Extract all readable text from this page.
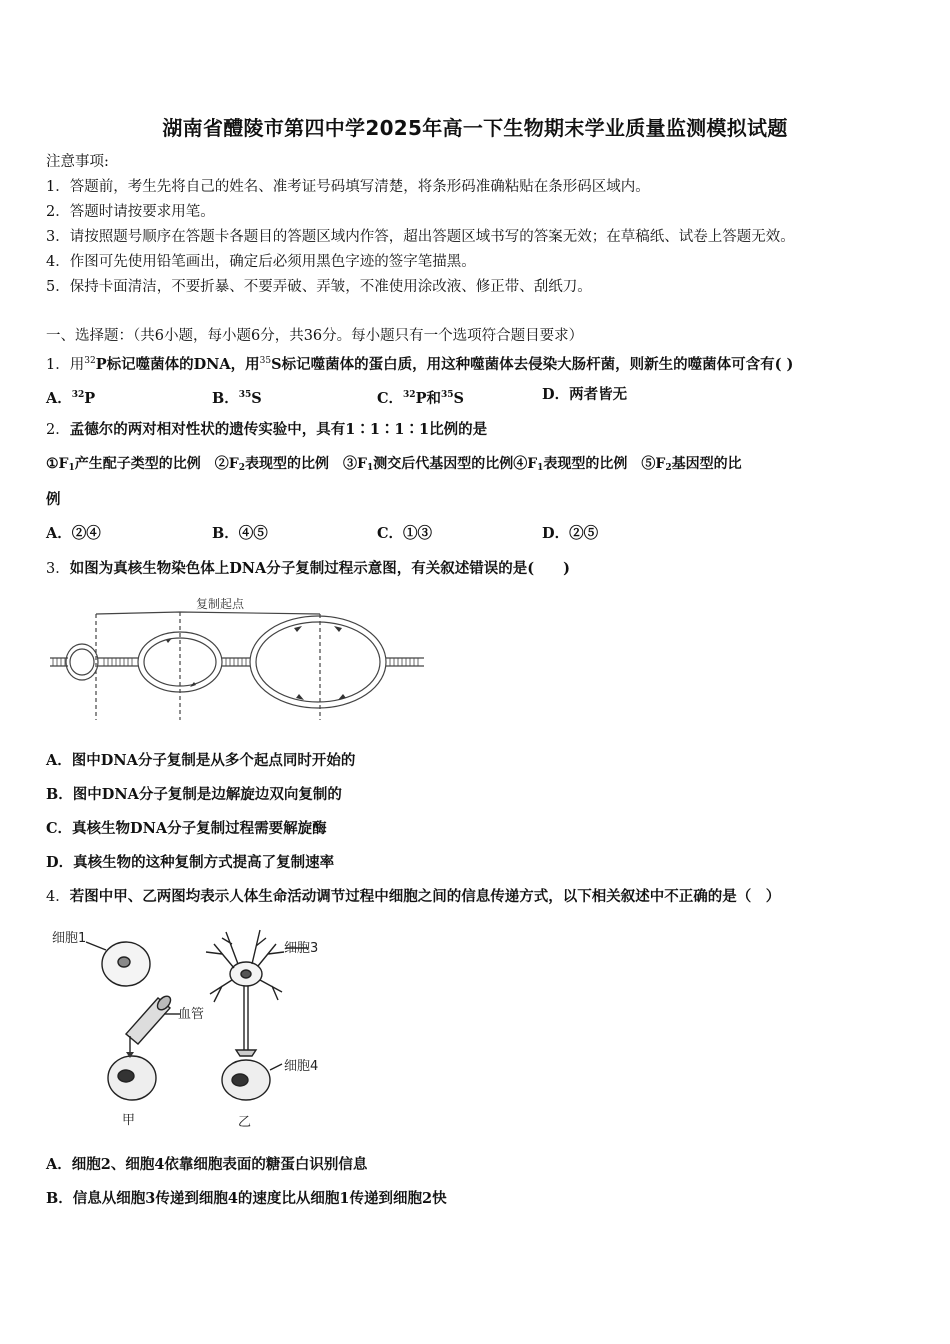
湖南省醴陵市第四中学2025年高一下生物期末学业质量监测模拟试题
注意事项:
1．答题前，考生先将自己的姓名、准考证号码填写清楚，将条形码准确粘贴在条形码区域内。
2．答题时请按要求用笔。
3．请按照题号顺序在答题卡各题目的答题区域内作答，超出答题区域书写的答案无效；在草稿纸、试卷上答题无效。
4．作图可先使用铅笔画出，确定后必须用黑色字迹的签字笔描黑。
5．保持卡面清洁，不要折暴、不要弄破、弄皱，不准使用涂改液、修正带、刮纸刀。
一、选择题：（共6小题，每小题6分，共36分。每小题只有一个选项符合题目要求）
1．用$^{32}$P标记噬菌体的DNA，用$^{35}$S标记噬菌体的蛋白质，用这种噬菌体去侵染大肠杆菌，则新生的噬菌体可含有( )
A．$^{32}$P	B．$^{35}$S	C．$^{32}$P和$^{35}$S	D．两者皆无
2．孟德尔的两对相对性状的遗传实验中，具有1∶1∶1∶1比例的是
$①F_1$产生配子类型的比例　 $②F_2$表现型的比例　 $③F_1$测交后代基因型的比例$④F_1$表现型的比例　 $⑤F_2$基因型的比
例
A．②④	B．④⑤	C．①③	D．②⑤
3．如图为真核生物染色体上DNA分子复制过程示意图，有关叙述错误的是(　　)
复制起点
A．图中DNA分子复制是从多个起点同时开始的
B．图中DNA分子复制是边解旋边双向复制的
C．真核生物DNA分子复制过程需要解旋酶
D．真核生物的这种复制方式提高了复制速率
4．若图中甲、乙两图均表示人体生命活动调节过程中细胞之间的信息传递方式，以下相关叙述中不正确的是（　）
细胞1
血管
甲
细胞3
细胞4
乙
A．细胞2、细胞4依靠细胞表面的糖蛋白识别信息
B．信息从细胞3传递到细胞4的速度比从细胞1传递到细胞2快
